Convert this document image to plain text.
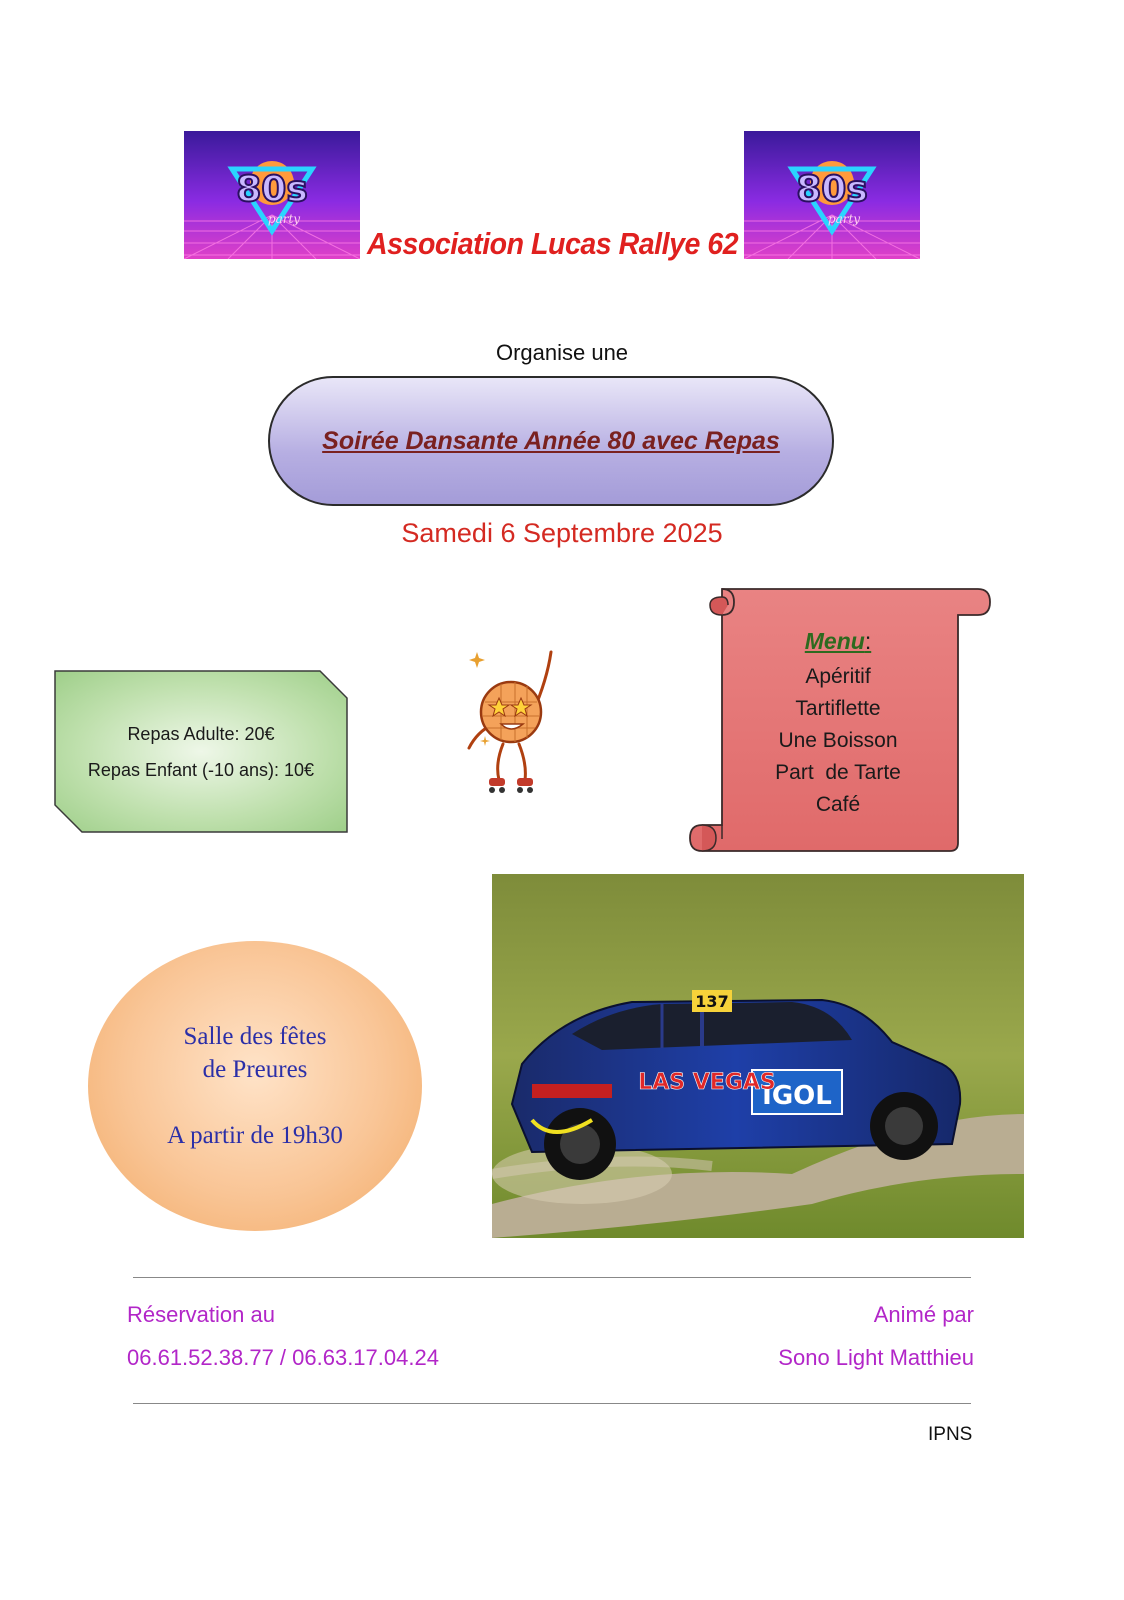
80s
party
80s
party
Association Lucas Rallye 62
Organise une
Soirée Dansante Année 80 avec Repas
Samedi 6 Septembre 2025
Repas Adulte: 20€
Repas Enfant (-10 ans): 10€
Menu:
Apéritif
Tartiflette
Une Boisson
Part  de Tarte
Café
IGOL
LAS VEGAS
137
Salle des fêtes
de Preures
A partir de 19h30
Réservation au
06.61.52.38.77 / 06.63.17.04.24
Animé par
Sono Light Matthieu
IPNS
